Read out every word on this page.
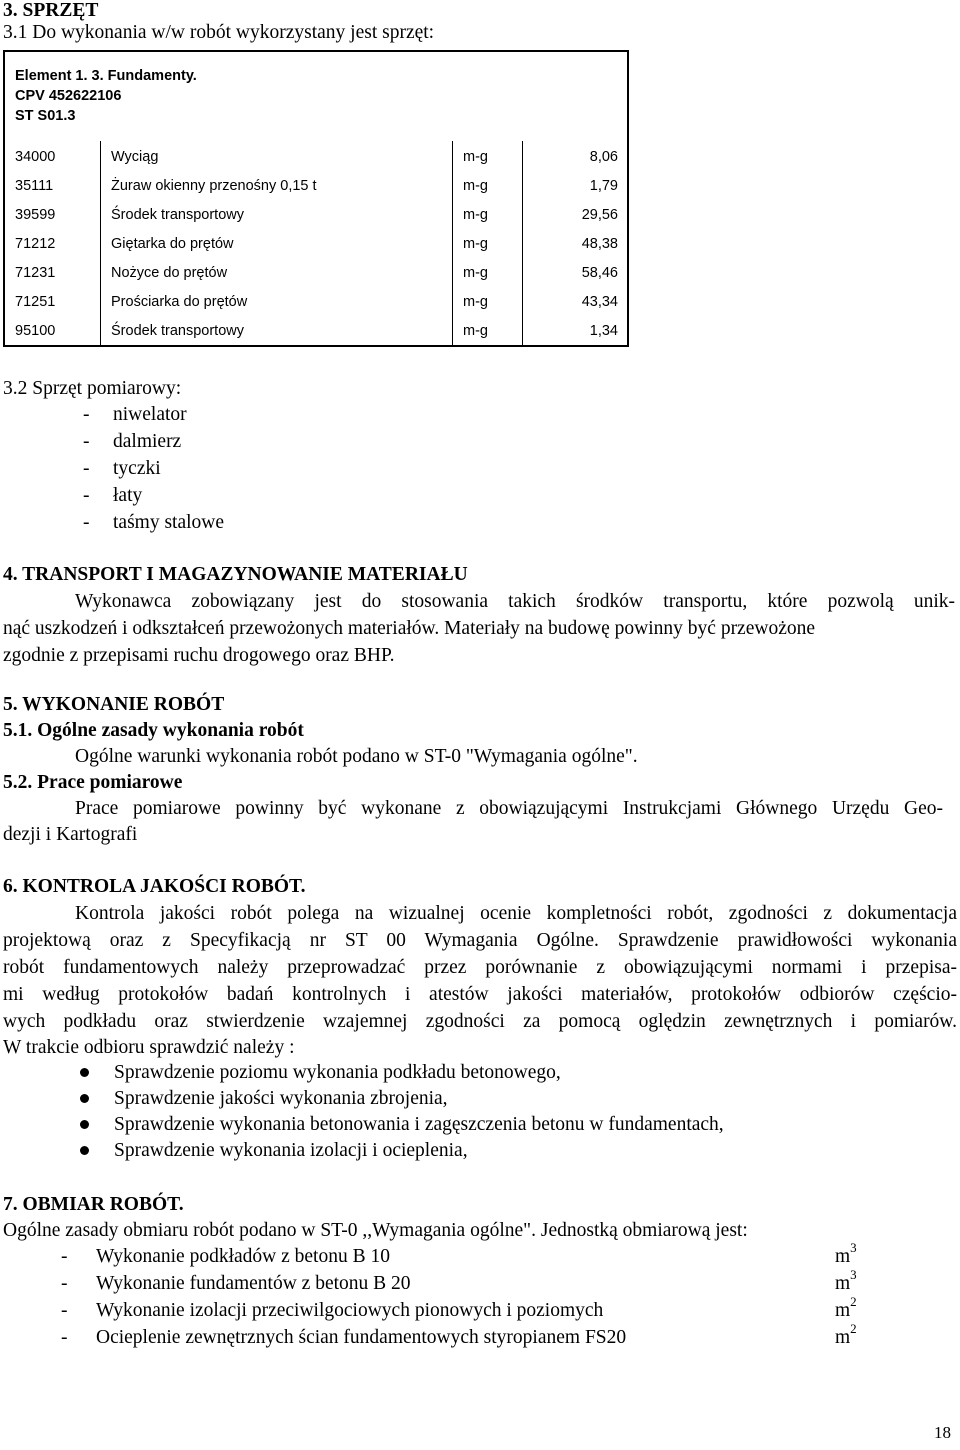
3. SPRZĘT
3.1 Do wykonania w/w robót wykorzystany jest sprzęt:
Element 1. 3. Fundamenty.
CPV 452622106
ST S01.3
34000	Wyciąg	m-g	8,06
35111	Żuraw okienny przenośny 0,15 t	m-g	1,79
39599	Środek transportowy	m-g	29,56
71212	Giętarka do prętów	m-g	48,38
71231	Nożyce do prętów	m-g	58,46
71251	Prościarka do prętów	m-g	43,34
95100	Środek transportowy	m-g	1,34
3.2 Sprzęt pomiarowy:
- niwelator
- dalmierz
- tyczki
- łaty
- taśmy stalowe
4. TRANSPORT I MAGAZYNOWANIE MATERIAŁU
Wykonawca zobowiązany jest do stosowania takich środków transportu, które pozwolą unik-
nąć uszkodzeń i odkształceń przewożonych materiałów. Materiały na budowę powinny być przewożone
zgodnie z przepisami ruchu drogowego oraz BHP.
5. WYKONANIE ROBÓT
5.1. Ogólne zasady wykonania robót
Ogólne warunki wykonania robót podano w ST-0 "Wymagania ogólne".
5.2. Prace pomiarowe
Prace pomiarowe powinny być wykonane z obowiązującymi Instrukcjami Głównego Urzędu Geo-
dezji i Kartografi
6. KONTROLA JAKOŚCI ROBÓT.
Kontrola jakości robót polega na wizualnej ocenie kompletności robót, zgodności z dokumentacja
projektową oraz z Specyfikacją nr ST 00 Wymagania Ogólne. Sprawdzenie prawidłowości wykonania
robót fundamentowych należy przeprowadzać przez porównanie z obowiązującymi normami i przepisa-
mi według protokołów badań kontrolnych i atestów jakości materiałów, protokołów odbiorów częścio-
wych podkładu oraz stwierdzenie wzajemnej zgodności za pomocą oględzin zewnętrznych i pomiarów.
W trakcie odbioru sprawdzić należy :
Sprawdzenie poziomu wykonania podkładu betonowego,
Sprawdzenie jakości wykonania zbrojenia,
Sprawdzenie wykonania betonowania i zagęszczenia betonu w fundamentach,
Sprawdzenie wykonania izolacji i ocieplenia,
7. OBMIAR ROBÓT.
Ogólne zasady obmiaru robót podano w ST-0 ,,Wymagania ogólne". Jednostką obmiarową jest:
- Wykonanie podkładów z betonu B 10	$m^3$
- Wykonanie fundamentów z betonu B 20	$m^3$
- Wykonanie izolacji przeciwilgociowych pionowych i poziomych	$m^2$
- Ocieplenie zewnętrznych ścian fundamentowych styropianem FS20	$m^2$
18
